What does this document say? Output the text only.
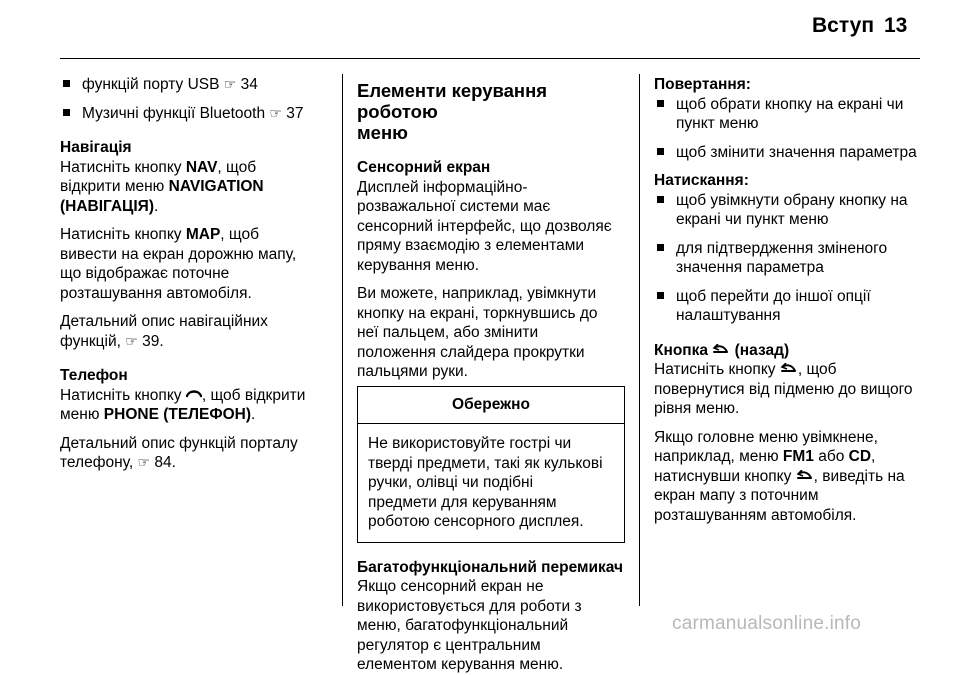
Вступ 13

функцій порту USB ☞ 34

Музичні функції Bluetooth ☞ 37

Навігація

Натисніть кнопку NAV, щоб
відкрити меню NAVIGATION
(НАВІГАЦІЯ).

Натисніть кнопку MAP, щоб
вивести на екран дорожню мапу,
що відображає поточне
розташування автомобіля.

Детальний опис навігаційних
функцій, ☞ 39.

Телефон

Натисніть кнопку , щоб відкрити
меню PHONE (ТЕЛЕФОН).

Детальний опис функцій порталу
телефону, ☞ 84.

Елементи керування роботою
меню

Сенсорний екран

Дисплей інформаційно-
розважальної системи має
сенсорний інтерфейс, що дозволяє
пряму взаємодію з елементами
керування меню.

Ви можете, наприклад, увімкнути
кнопку на екрані, торкнувшись до
неї пальцем, або змінити
положення слайдера прокрутки
пальцями руки.

Обережно
Не використовуйте гострі чи
тверді предмети, такі як кулькові
ручки, олівці чи подібні
предмети для керуванням
роботою сенсорного дисплея.

Багатофункціональний перемикач

Якщо сенсорний екран не
використовується для роботи з
меню, багатофункціональний
регулятор є центральним
елементом керування меню.

Повертання:

щоб обрати кнопку на екрані чи
пункт меню

щоб змінити значення параметра

Натискання:

щоб увімкнути обрану кнопку на
екрані чи пункт меню

для підтвердження зміненого
значення параметра

щоб перейти до іншої опції
налаштування

Кнопка  (назад)

Натисніть кнопку , щоб
повернутися від підменю до вищого
рівня меню.

Якщо головне меню увімкнене,
наприклад, меню FM1 або CD,
натиснувши кнопку , виведіть на
екран мапу з поточним
розташуванням автомобіля.

carmanualsonline.info
